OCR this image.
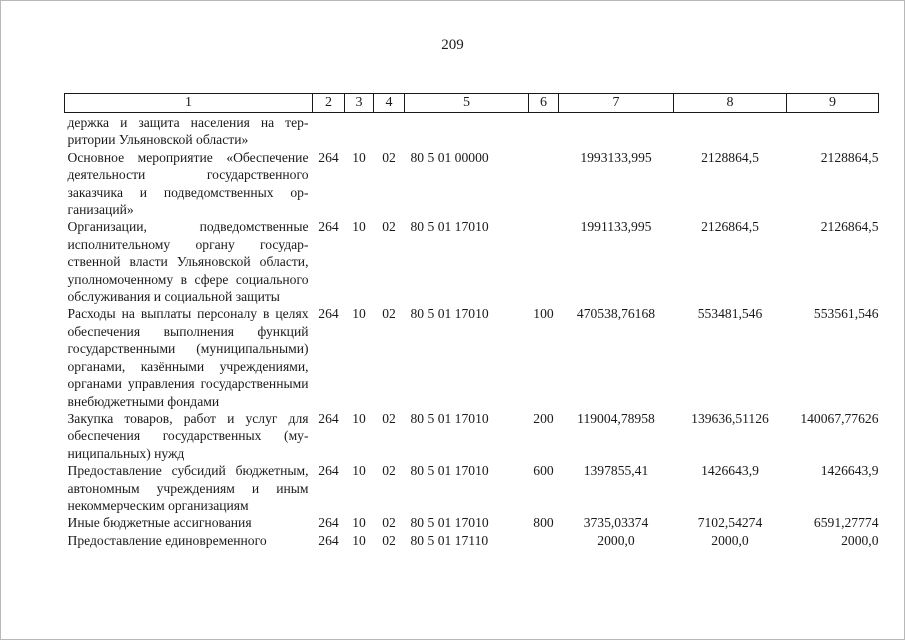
209
1	2	3	4	5	6	7	8	9
держка и защита населения на территории Ульяновской области»								
Основное мероприятие «Обеспечение деятельности государственного заказчика и подведомственных организаций»	264	10	02	80 5 01 00000		1993133,995	2128864,5	2128864,5
Организации, подведомственные исполнительному органу государственной власти Ульяновской области, уполномоченному в сфере социального обслуживания и социальной защиты	264	10	02	80 5 01 17010		1991133,995	2126864,5	2126864,5
Расходы на выплаты персоналу в целях обеспечения выполнения функций государственными (муниципальными) органами, казёнными учреждениями, органами управления государственными внебюджетными фондами	264	10	02	80 5 01 17010	100	470538,76168	553481,546	553561,546
Закупка товаров, работ и услуг для обеспечения государственных (муниципальных) нужд	264	10	02	80 5 01 17010	200	119004,78958	139636,51126	140067,77626
Предоставление субсидий бюджетным, автономным учреждениям и иным некоммерческим организациям	264	10	02	80 5 01 17010	600	1397855,41	1426643,9	1426643,9
Иные бюджетные ассигнования	264	10	02	80 5 01 17010	800	3735,03374	7102,54274	6591,27774
Предоставление единовременного	264	10	02	80 5 01 17110		2000,0	2000,0	2000,0
